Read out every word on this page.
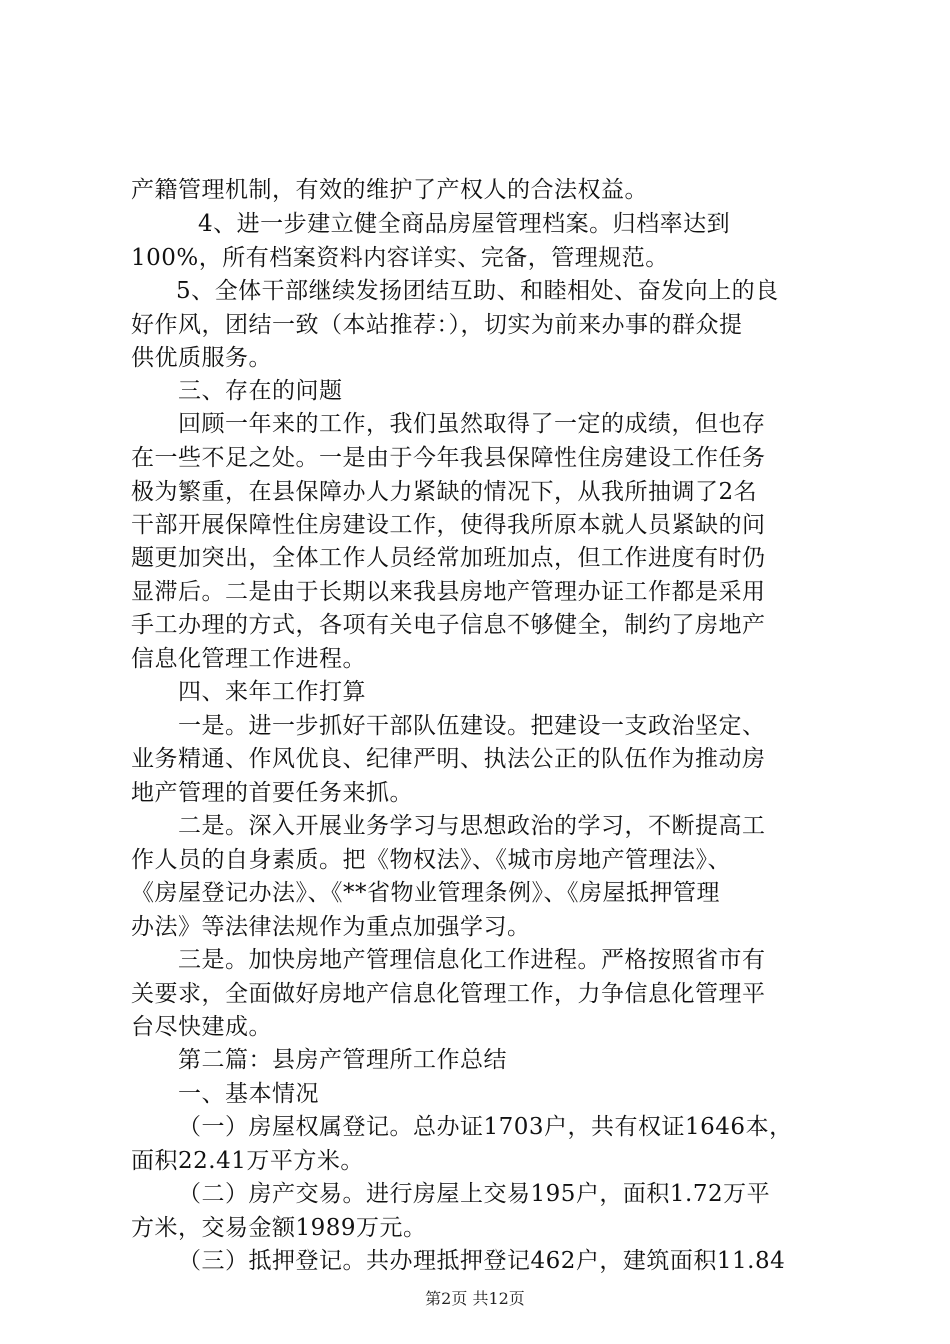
产籍管理机制，有效的维护了产权人的合法权益。
4、进一步建立健全商品房屋管理档案。归档率达到
100%，所有档案资料内容详实、完备，管理规范。
5、全体干部继续发扬团结互助、和睦相处、奋发向上的良
好作风，团结一致（本站推荐：），切实为前来办事的群众提
供优质服务。
三、存在的问题
回顾一年来的工作，我们虽然取得了一定的成绩，但也存
在一些不足之处。一是由于今年我县保障性住房建设工作任务
极为繁重，在县保障办人力紧缺的情况下，从我所抽调了2名
干部开展保障性住房建设工作，使得我所原本就人员紧缺的问
题更加突出，全体工作人员经常加班加点，但工作进度有时仍
显滞后。二是由于长期以来我县房地产管理办证工作都是采用
手工办理的方式，各项有关电子信息不够健全，制约了房地产
信息化管理工作进程。
四、来年工作打算
一是。进一步抓好干部队伍建设。把建设一支政治坚定、
业务精通、作风优良、纪律严明、执法公正的队伍作为推动房
地产管理的首要任务来抓。
二是。深入开展业务学习与思想政治的学习，不断提高工
作人员的自身素质。把《物权法》、《城市房地产管理法》、
《房屋登记办法》、《**省物业管理条例》、《房屋抵押管理
办法》等法律法规作为重点加强学习。
三是。加快房地产管理信息化工作进程。严格按照省市有
关要求，全面做好房地产信息化管理工作，力争信息化管理平
台尽快建成。
第二篇：县房产管理所工作总结
一、基本情况
（一）房屋权属登记。总办证1703户，共有权证1646本，
面积22.41万平方米。
（二）房产交易。进行房屋上交易195户，面积1.72万平
方米，交易金额1989万元。
（三）抵押登记。共办理抵押登记462户，建筑面积11.84
第2页 共12页
